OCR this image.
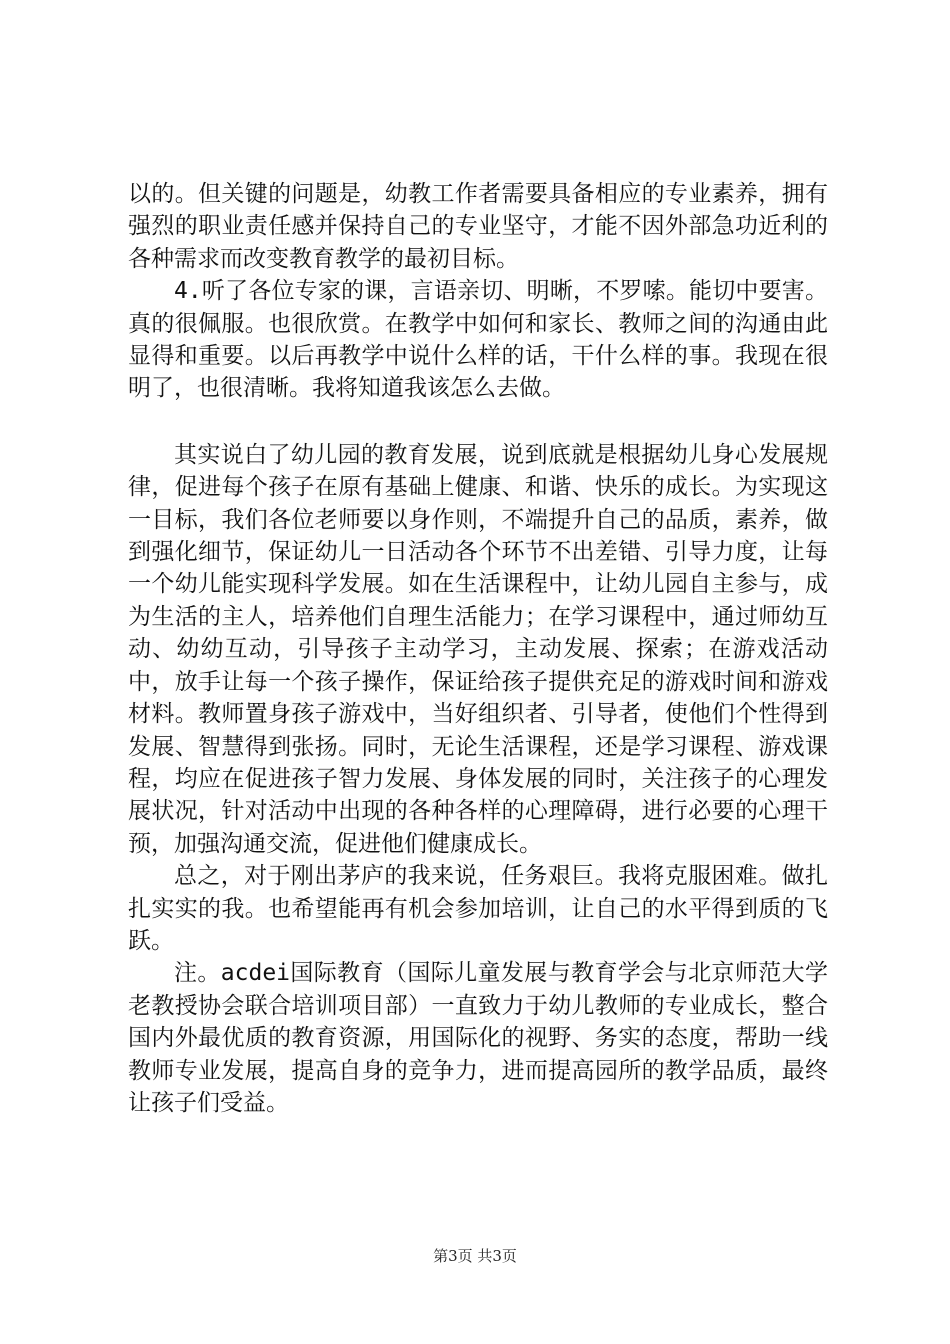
以的。但关键的问题是，幼教工作者需要具备相应的专业素养，拥有强烈的职业责任感并保持自己的专业坚守，才能不因外部急功近利的各种需求而改变教育教学的最初目标。

4.听了各位专家的课，言语亲切、明晰，不罗嗦。能切中要害。真的很佩服。也很欣赏。在教学中如何和家长、教师之间的沟通由此显得和重要。以后再教学中说什么样的话，干什么样的事。我现在很明了，也很清晰。我将知道我该怎么去做。

其实说白了幼儿园的教育发展，说到底就是根据幼儿身心发展规律，促进每个孩子在原有基础上健康、和谐、快乐的成长。为实现这一目标，我们各位老师要以身作则，不端提升自己的品质，素养，做到强化细节，保证幼儿一日活动各个环节不出差错、引导力度，让每一个幼儿能实现科学发展。如在生活课程中，让幼儿园自主参与，成为生活的主人，培养他们自理生活能力；在学习课程中，通过师幼互动、幼幼互动，引导孩子主动学习，主动发展、探索；在游戏活动中，放手让每一个孩子操作，保证给孩子提供充足的游戏时间和游戏材料。教师置身孩子游戏中，当好组织者、引导者，使他们个性得到发展、智慧得到张扬。同时，无论生活课程，还是学习课程、游戏课程，均应在促进孩子智力发展、身体发展的同时，关注孩子的心理发展状况，针对活动中出现的各种各样的心理障碍，进行必要的心理干预，加强沟通交流，促进他们健康成长。

总之，对于刚出茅庐的我来说，任务艰巨。我将克服困难。做扎扎实实的我。也希望能再有机会参加培训，让自己的水平得到质的飞跃。

注。acdei国际教育（国际儿童发展与教育学会与北京师范大学老教授协会联合培训项目部）一直致力于幼儿教师的专业成长，整合国内外最优质的教育资源，用国际化的视野、务实的态度，帮助一线教师专业发展，提高自身的竞争力，进而提高园所的教学品质，最终让孩子们受益。

第3页 共3页
